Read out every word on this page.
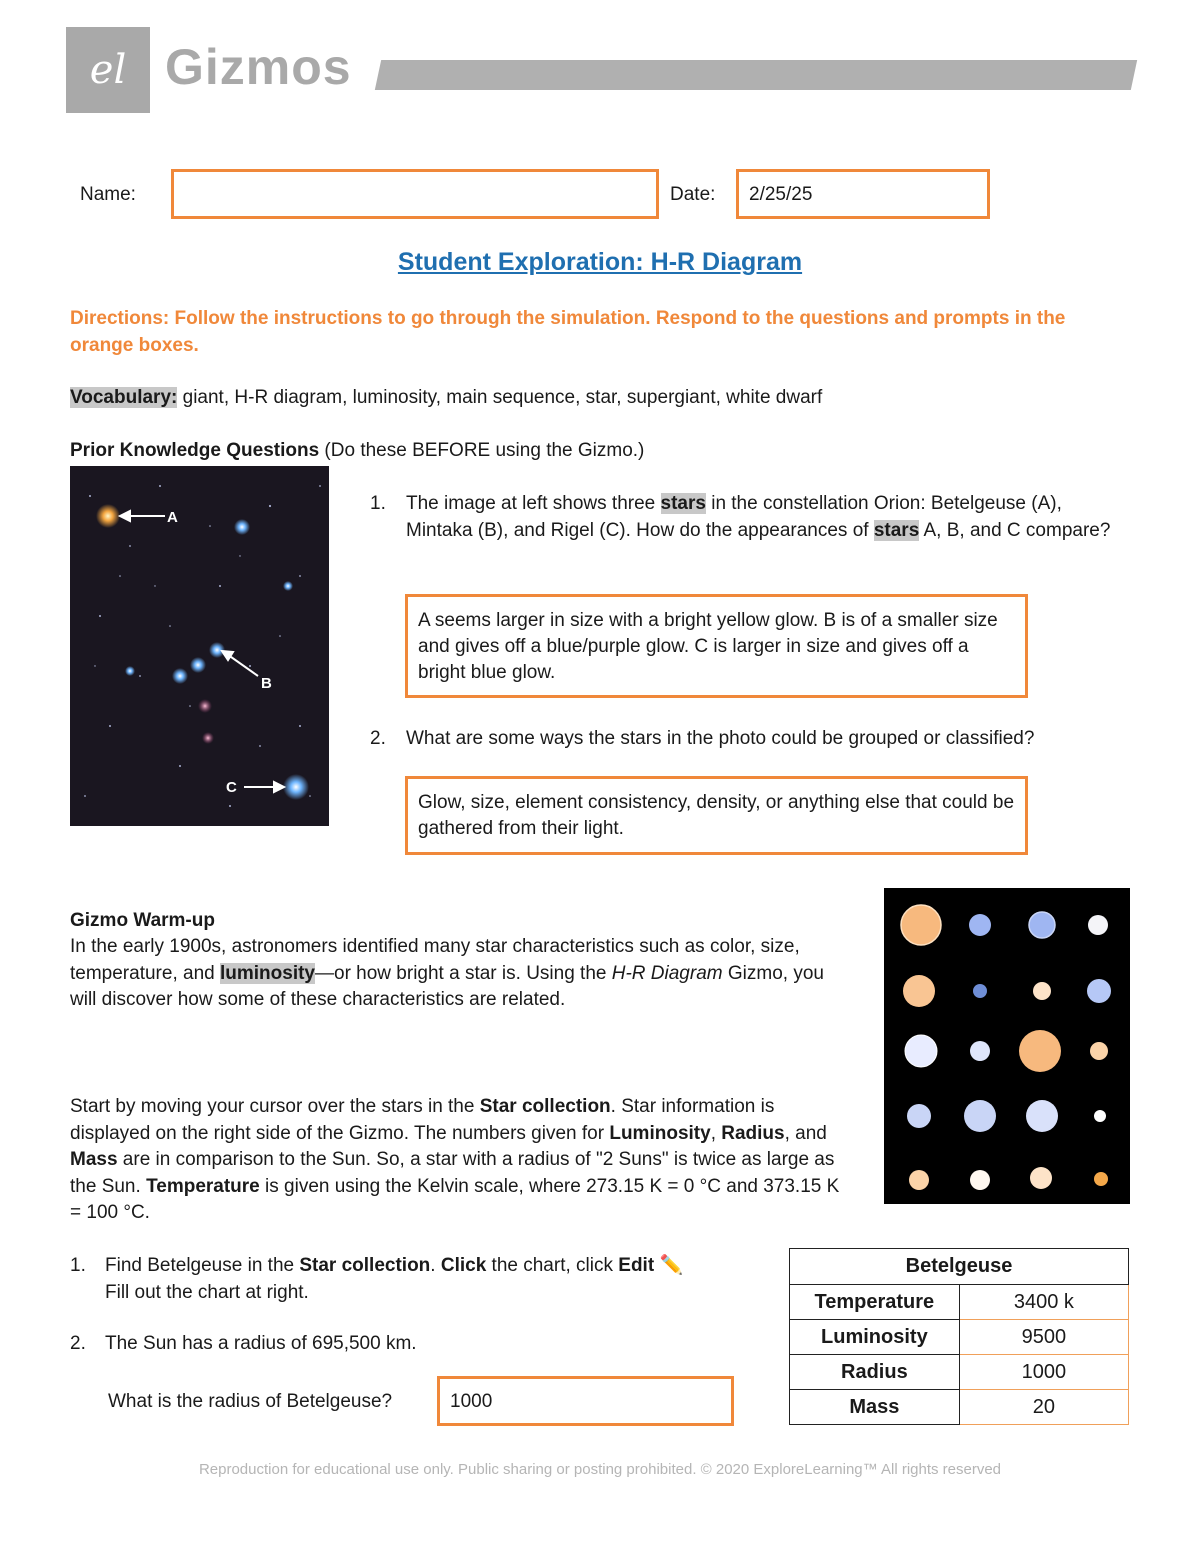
el Gizmos
Name:	Date:	2/25/25
Student Exploration: H-R Diagram
Directions: Follow the instructions to go through the simulation. Respond to the questions and prompts in the orange boxes.
Vocabulary: giant, H-R diagram, luminosity, main sequence, star, supergiant, white dwarf
Prior Knowledge Questions (Do these BEFORE using the Gizmo.)
A
B
C
1. The image at left shows three stars in the constellation Orion: Betelgeuse (A), Mintaka (B), and Rigel (C). How do the appearances of stars A, B, and C compare?
A seems larger in size with a bright yellow glow. B is of a smaller size and gives off a blue/purple glow. C is larger in size and gives off a bright blue glow.
2. What are some ways the stars in the photo could be grouped or classified?
Glow, size, element consistency, density, or anything else that could be gathered from their light.
Gizmo Warm-up
In the early 1900s, astronomers identified many star characteristics such as color, size, temperature, and luminosity—or how bright a star is. Using the H-R Diagram Gizmo, you will discover how some of these characteristics are related.
Start by moving your cursor over the stars in the Star collection. Star information is displayed on the right side of the Gizmo. The numbers given for Luminosity, Radius, and Mass are in comparison to the Sun. So, a star with a radius of "2 Suns" is twice as large as the Sun. Temperature is given using the Kelvin scale, where 273.15 K = 0 °C and 373.15 K = 100 °C.
1. Find Betelgeuse in the Star collection. Click the chart, click Edit ✏️
Fill out the chart at right.
2. The Sun has a radius of 695,500 km.
What is the radius of Betelgeuse?	1000
Betelgeuse	
Temperature	3400 k
Luminosity	9500
Radius	1000
Mass	20
Reproduction for educational use only. Public sharing or posting prohibited. © 2020 ExploreLearning™ All rights reserved
